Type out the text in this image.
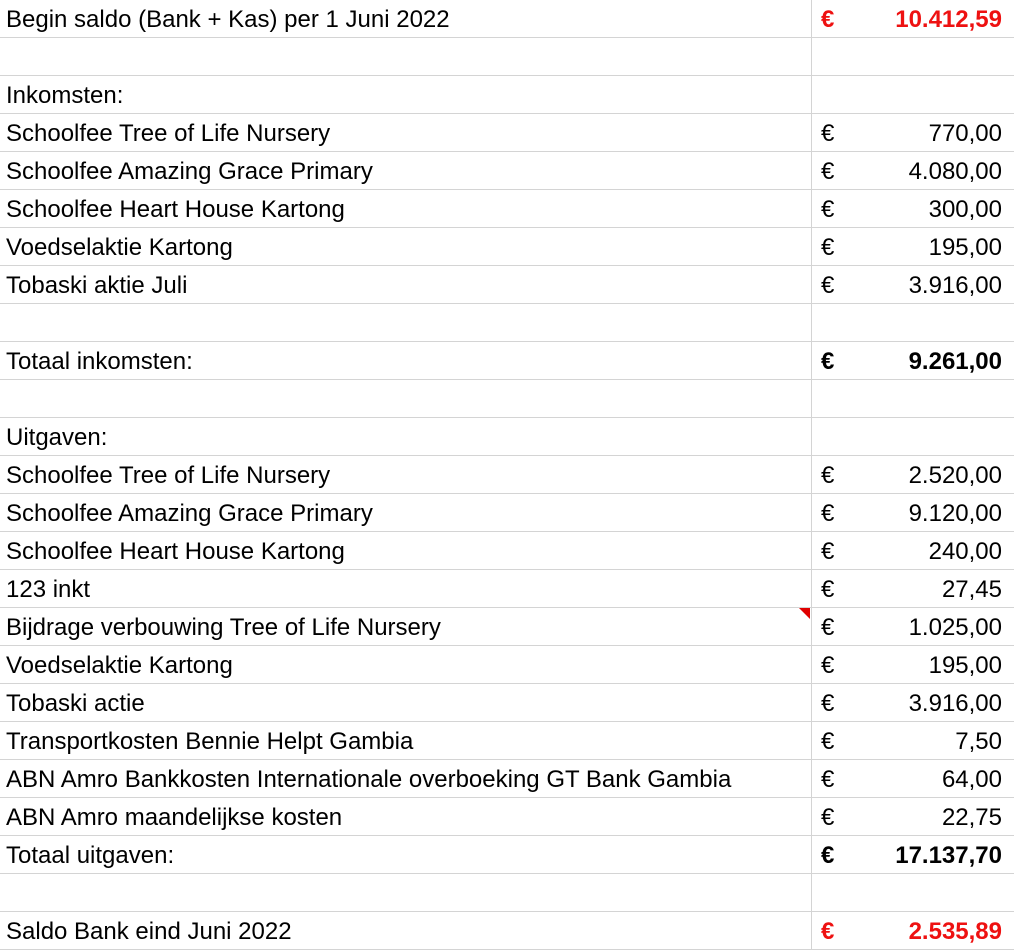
Begin saldo (Bank + Kas) per 1 Juni 2022	€	10.412,59
Inkomsten:
Schoolfee Tree of Life Nursery	€	770,00
Schoolfee Amazing Grace Primary	€	4.080,00
Schoolfee Heart House Kartong	€	300,00
Voedselaktie Kartong	€	195,00
Tobaski aktie Juli	€	3.916,00
Totaal inkomsten:	€	9.261,00
Uitgaven:
Schoolfee Tree of Life Nursery	€	2.520,00
Schoolfee Amazing Grace Primary	€	9.120,00
Schoolfee Heart House Kartong	€	240,00
123 inkt	€	27,45
Bijdrage verbouwing Tree of Life Nursery	€	1.025,00
Voedselaktie Kartong	€	195,00
Tobaski actie	€	3.916,00
Transportkosten Bennie Helpt Gambia	€	7,50
ABN Amro Bankkosten Internationale overboeking GT Bank Gambia	€	64,00
ABN Amro maandelijkse kosten	€	22,75
Totaal uitgaven:	€	17.137,70
Saldo Bank eind Juni 2022	€	2.535,89
